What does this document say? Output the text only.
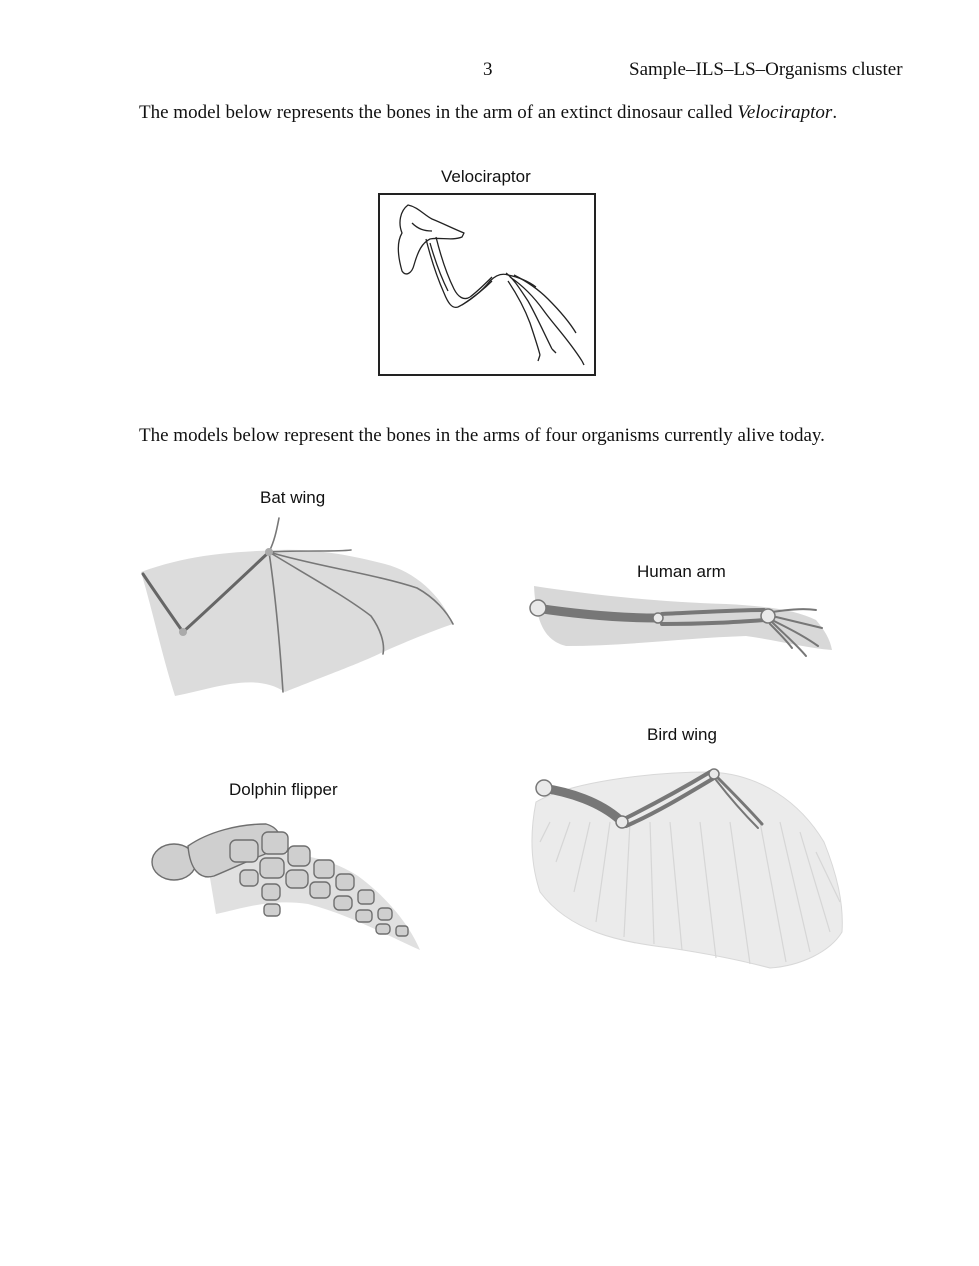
3	Sample–ILS–LS–Organisms cluster
The model below represents the bones in the arm of an extinct dinosaur called Velociraptor.
Velociraptor
The models below represent the bones in the arms of four organisms currently alive today.
Bat wing
Human arm
Bird wing
Dolphin flipper
